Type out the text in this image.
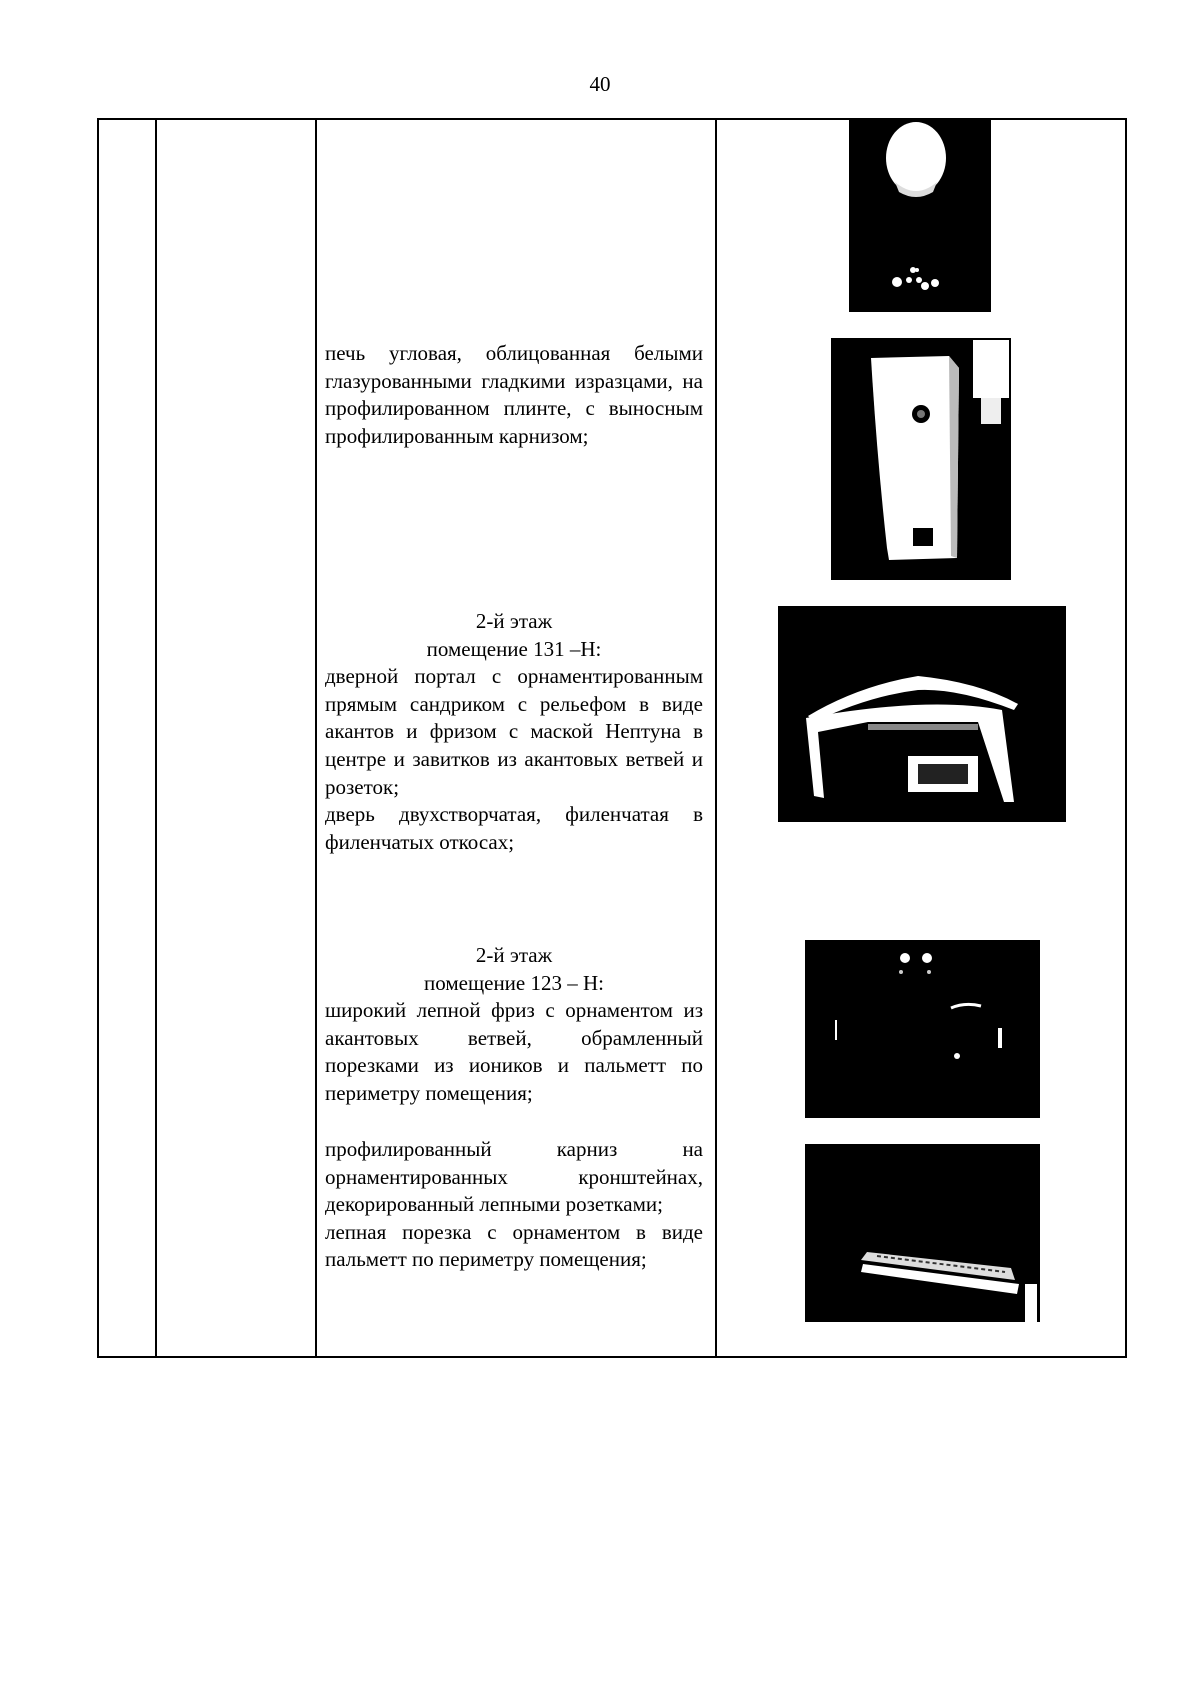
40

печь угловая, облицованная белыми глазурованными гладкими изразцами, на профилированном плинте, с выносным профилированным карнизом;

2-й этаж

помещение 131 –Н:

дверной портал с орнаментированным прямым сандриком с рельефом в виде акантов и фризом с маской Нептуна в центре и завитков из акантовых ветвей и розеток;

дверь двухстворчатая, филенчатая в филенчатых откосах;

2-й этаж

помещение 123 – Н:

широкий лепной фриз с орнаментом из акантовых ветвей, обрамленный порезками из иоников и пальметт по периметру помещения;

профилированный карниз на орнаментированных кронштейнах, декорированный лепными розетками;

лепная порезка с орнаментом в виде пальметт по периметру помещения;
